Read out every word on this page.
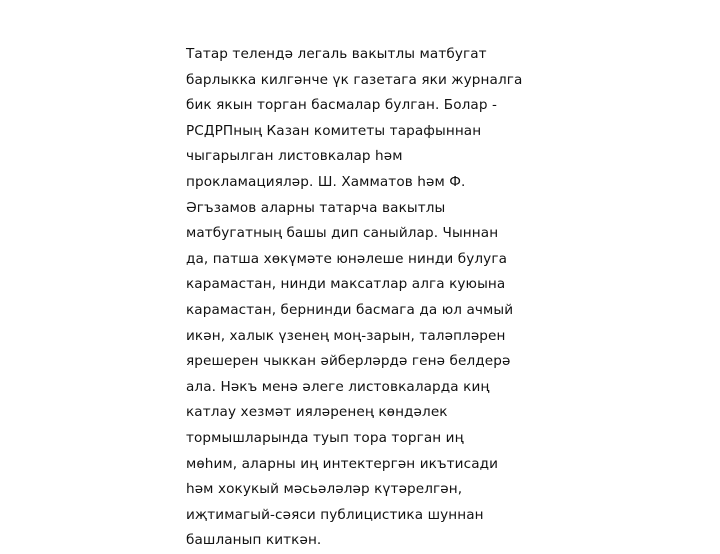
Татар телендә легаль вакытлы матбугат
барлыкка килгәнче үк газетага яки журналга
бик якын торган басмалар булган. Болар -
РСДРПның Казан комитеты тарафыннан
чыгарылган листовкалар һәм
прокламацияләр. Ш. Хамматов һәм Ф.
Әгъзамов аларны татарча вакытлы
матбугатның башы дип саныйлар. Чыннан
да, патша хөкүмәте юнәлеше нинди булуга
карамастан, нинди максатлар алга куюына
карамастан, бернинди басмага да юл ачмый
икән, халык үзенең моң-зарын, таләпләрен
ярешерен чыккан әйберләрдә генә белдерә
ала. Нәкъ менә әлеге листовкаларда киң
катлау хезмәт ияләренең көндәлек
тормышларында туып тора торган иң
мөһим, аларны иң интектергән икътисади
һәм хокукый мәсьәләләр күтәрелгән,
иҗтимагый-сәяси публицистика шуннан
башланып киткән.
